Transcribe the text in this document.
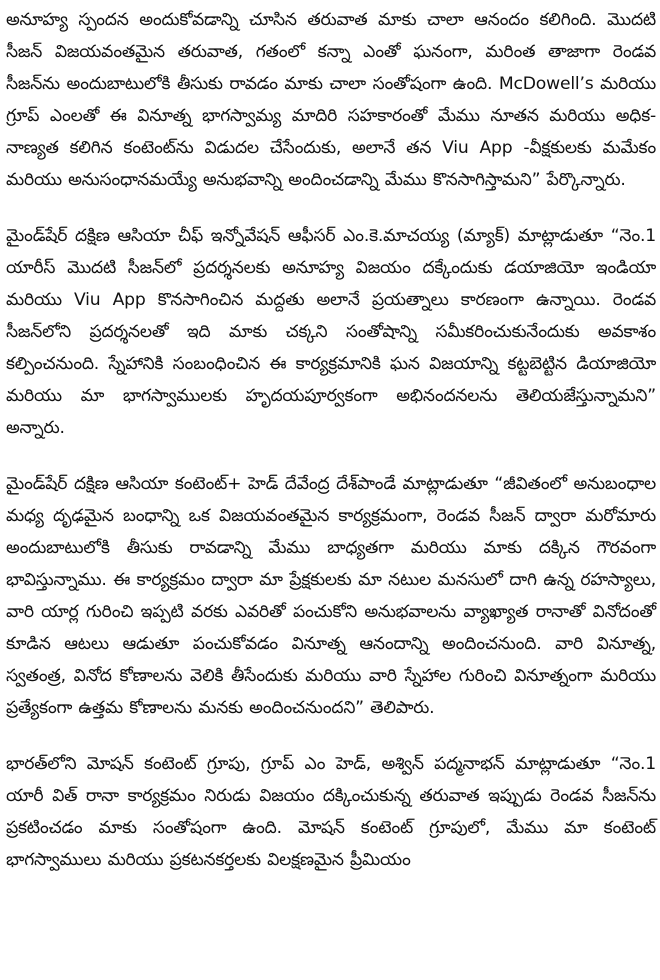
అనూహ్య స్పందన అందుకోవడాన్ని చూసిన తరువాత మాకు చాలా ఆనందం కలిగింది. మొదటి సీజన్ విజయవంతమైన తరువాత, గతంలో కన్నా ఎంతో ఘనంగా, మరింత తాజాగా రెండవ సీజన్‌ను అందుబాటులోకి తీసుకు రావడం మాకు చాలా సంతోషంగా ఉంది. McDowell’s మరియు గ్రూప్ ఎంలతో ఈ వినూత్న భాగస్వామ్య మాదిరి సహకారంతో మేము నూతన మరియు అధిక- నాణ్యత కలిగిన కంటెంట్‌ను విడుదల చేసేందుకు, అలానే తన Viu App -వీక్షకులకు మమేకం మరియు అనుసంధానమయ్యే అనుభవాన్ని అందించడాన్ని మేము కొనసాగిస్తామని” పేర్కొన్నారు.

మైండ్‌షేర్ దక్షిణ ఆసియా చీఫ్ ఇన్నోవేషన్ ఆఫీసర్ ఎం.కె.మాచయ్య (మ్యాక్) మాట్లాడుతూ “నెం.1 యారీస్ మొదటి సీజన్‌లో ప్రదర్శనలకు అనూహ్య విజయం దక్కేందుకు డయాజియో ఇండియా మరియు Viu App కొనసాగించిన మద్దతు అలానే ప్రయత్నాలు కారణంగా ఉన్నాయి. రెండవ సీజన్‌లోని ప్రదర్శనలతో ఇది మాకు చక్కని సంతోషాన్ని సమీకరించుకునేందుకు అవకాశం కల్పించనుంది. స్నేహానికి సంబంధించిన ఈ కార్యక్రమానికి ఘన విజయాన్ని కట్టబెట్టిన డియాజియో మరియు మా భాగస్వాములకు హృదయపూర్వకంగా అభినందనలను తెలియజేస్తున్నామని” అన్నారు.

మైండ్‌షేర్ దక్షిణ ఆసియా కంటెంట్+ హెడ్ దేవేంద్ర దేశ్‌పాండే మాట్లాడుతూ “జీవితంలో అనుబంధాల మధ్య దృఢమైన బంధాన్ని ఒక విజయవంతమైన కార్యక్రమంగా, రెండవ సీజన్ ద్వారా మరోమారు అందుబాటులోకి తీసుకు రావడాన్ని మేము బాధ్యతగా మరియు మాకు దక్కిన గౌరవంగా భావిస్తున్నాము. ఈ కార్యక్రమం ద్వారా మా ప్రేక్షకులకు మా నటుల మనసులో దాగి ఉన్న రహస్యాలు, వారి యార్ల గురించి ఇప్పటి వరకు ఎవరితో పంచుకోని అనుభవాలను వ్యాఖ్యాత రానాతో వినోదంతో కూడిన ఆటలు ఆడుతూ పంచుకోవడం వినూత్న ఆనందాన్ని అందించనుంది. వారి వినూత్న, స్వతంత్ర, వినోద కోణాలను వెలికి తీసేందుకు మరియు వారి స్నేహాల గురించి వినూత్నంగా మరియు ప్రత్యేకంగా ఉత్తమ కోణాలను మనకు అందించనుందని” తెలిపారు.

భారత్‌లోని మోషన్ కంటెంట్ గ్రూపు, గ్రూప్ ఎం హెడ్, అశ్విన్ పద్మనాభన్ మాట్లాడుతూ “నెం.1 యారీ విత్ రానా కార్యక్రమం నిరుడు విజయం దక్కించుకున్న తరువాత ఇప్పుడు రెండవ సీజన్‌ను ప్రకటించడం మాకు సంతోషంగా ఉంది. మోషన్ కంటెంట్ గ్రూపులో, మేము మా కంటెంట్ భాగస్వాములు మరియు ప్రకటనకర్తలకు విలక్షణమైన ప్రీమియం
